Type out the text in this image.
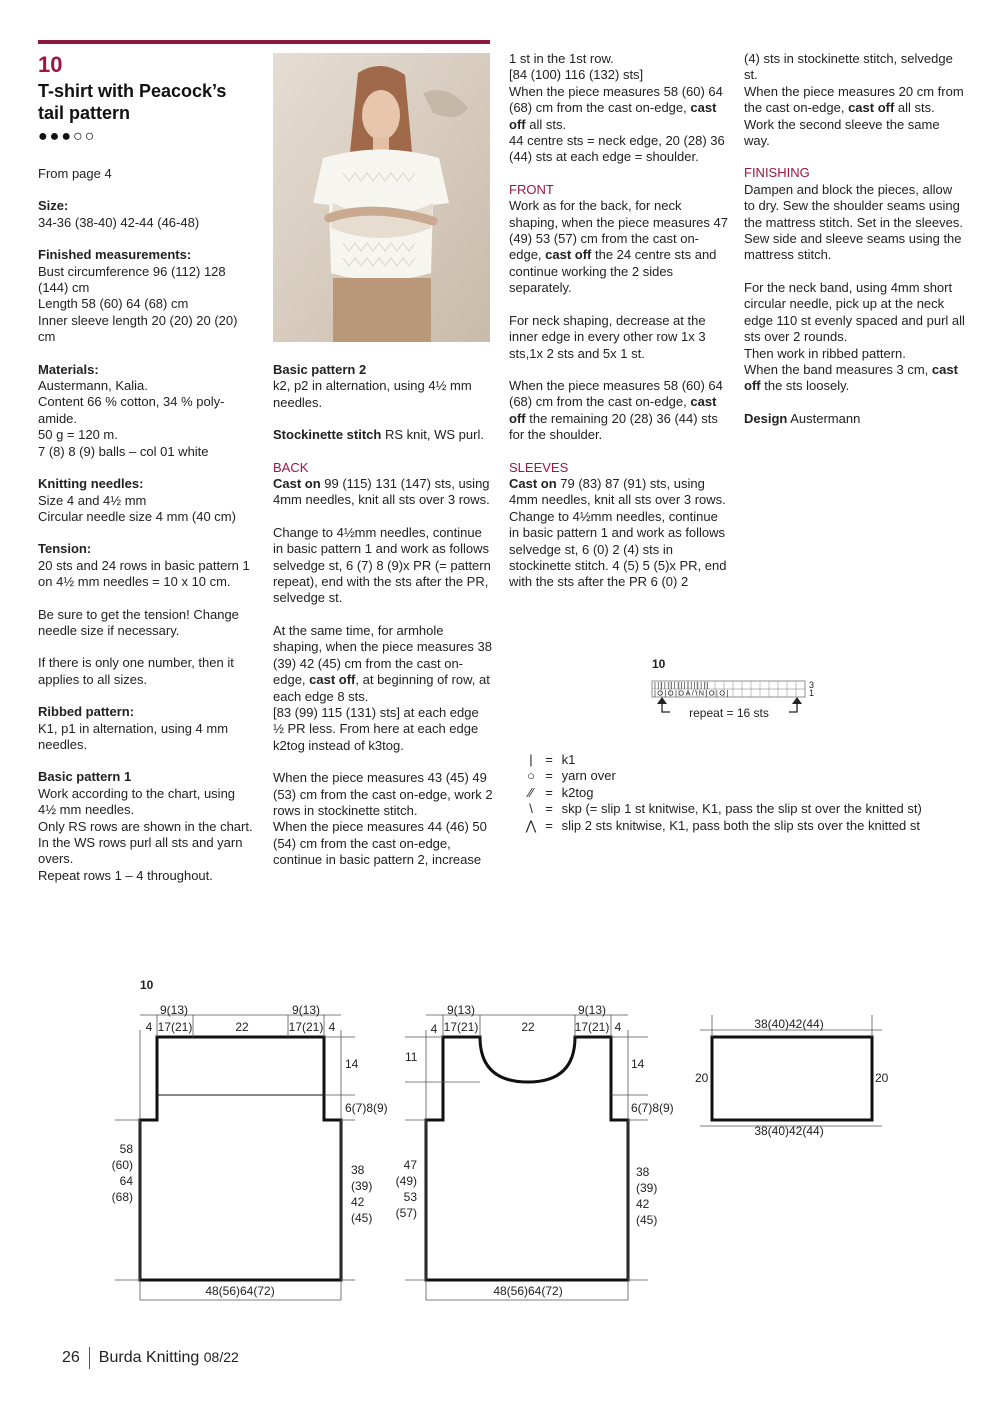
10
T-shirt with Peacock’s
tail pattern
●●●○○

From page 4

Size:
34-36 (38-40) 42-44 (46-48)

Finished measurements:
Bust circumference 96 (112) 128 (144) cm
Length 58 (60) 64 (68) cm
Inner sleeve length 20 (20) 20 (20) cm

Materials:
Austermann, Kalia.
Content 66 % cotton, 34 % poly-amide.
50 g = 120 m.
7 (8) 8 (9) balls – col 01 white

Knitting needles:
Size 4 and 4½ mm
Circular needle size 4 mm (40 cm)

Tension:
20 sts and 24 rows in basic pattern 1 on 4½ mm needles = 10 x 10 cm.

Be sure to get the tension! Change needle size if necessary.

If there is only one number, then it applies to all sizes.

Ribbed pattern:
K1, p1 in alternation, using 4 mm needles.

Basic pattern 1
Work according to the chart, using 4½ mm needles.
Only RS rows are shown in the chart. In the WS rows purl all sts and yarn overs.
Repeat rows 1 – 4 throughout.

Basic pattern 2
k2, p2 in alternation, using 4½ mm needles.

Stockinette stitch RS knit, WS purl.

BACK
Cast on 99 (115) 131 (147) sts, using 4mm needles, knit all sts over 3 rows.

Change to 4½mm needles, continue in basic pattern 1 and work as follows selvedge st, 6 (7) 8 (9)x PR (= pattern repeat), end with the sts after the PR, selvedge st.

At the same time, for armhole shaping, when the piece measures 38 (39) 42 (45) cm from the cast on-edge, cast off, at beginning of row, at each edge 8 sts.
[83 (99) 115 (131) sts] at each edge ½ PR less. From here at each edge k2tog instead of k3tog.

When the piece measures 43 (45) 49 (53) cm from the cast on-edge, work 2 rows in stockinette stitch.
When the piece measures 44 (46) 50 (54) cm from the cast on-edge, continue in basic pattern 2, increase

1 st in the 1st row.
[84 (100) 116 (132) sts]
When the piece measures 58 (60) 64 (68) cm from the cast on-edge, cast off all sts.
44 centre sts = neck edge, 20 (28) 36 (44) sts at each edge = shoulder.

FRONT
Work as for the back, for neck shaping, when the piece measures 47 (49) 53 (57) cm from the cast on-edge, cast off the 24 centre sts and continue working the 2 sides separately.

For neck shaping, decrease at the inner edge in every other row 1x 3 sts,1x 2 sts and 5x 1 st.

When the piece measures 58 (60) 64 (68) cm from the cast on-edge, cast off the remaining 20 (28) 36 (44) sts for the shoulder.

SLEEVES
Cast on 79 (83) 87 (91) sts, using 4mm needles, knit all sts over 3 rows.
Change to 4½mm needles, continue in basic pattern 1 and work as follows selvedge st, 6 (0) 2 (4) sts in stockinette stitch. 4 (5) 5 (5)x PR, end with the sts after the PR 6 (0) 2

(4) sts in stockinette stitch, selvedge st.
When the piece measures 20 cm from the cast on-edge, cast off all sts.
Work the second sleeve the same way.

FINISHING
Dampen and block the pieces, allow to dry. Sew the shoulder seams using the mattress stitch. Set in the sleeves. Sew side and sleeve seams using the mattress stitch.

For the neck band, using 4mm short circular needle, pick up at the neck edge 110 st evenly spaced and purl all sts over 2 rounds.
Then work in ribbed pattern.
When the band measures 3 cm, cast off the sts loosely.

Design Austermann

10
|||||||||||||||||
|O|O|OA/\N|O|O|
3
1
repeat = 16 sts
| = k1
○ = yarn over
⁄⁄ = k2tog
\ = skp (= slip 1 st knitwise, K1, pass the slip st over the knitted st)
⋀ = slip 2 sts knitwise, K1, pass both the slip sts over the knitted st
10
9(13)	9(13)
4 17(21)	22	17(21) 4
14
6(7)8(9)
58
(60)
64
(68)
38
(39)
42
(45)
48(56)64(72)
9(13)	9(13)
4 17(21)	22	17(21) 4
11	14
6(7)8(9)
47
(49)
53
(57)
38
(39)
42
(45)
48(56)64(72)
38(40)42(44)
38(40)42(44)
20	20
26 Burda Knitting 08/22
